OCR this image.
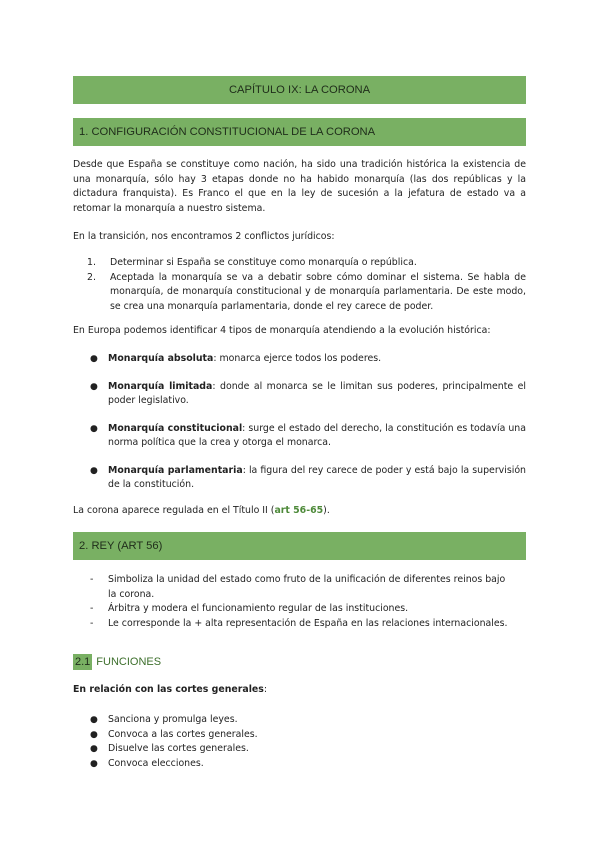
CAPÍTULO IX: LA CORONA
1. CONFIGURACIÓN CONSTITUCIONAL DE LA CORONA

Desde que España se constituye como nación, ha sido una tradición histórica la existencia de una monarquía, sólo hay 3 etapas donde no ha habido monarquía (las dos repúblicas y la dictadura franquista). Es Franco el que en la ley de sucesión a la jefatura de estado va a retomar la monarquía a nuestro sistema.

En la transición, nos encontramos 2 conflictos jurídicos:

1. Determinar si España se constituye como monarquía o república.
2. Aceptada la monarquía se va a debatir sobre cómo dominar el sistema. Se habla de monarquía, de monarquía constitucional y de monarquía parlamentaria. De este modo, se crea una monarquía parlamentaria, donde el rey carece de poder.

En Europa podemos identificar 4 tipos de monarquía atendiendo a la evolución histórica:

● Monarquía absoluta: monarca ejerce todos los poderes.
● Monarquía limitada: donde al monarca se le limitan sus poderes, principalmente el poder legislativo.
● Monarquía constitucional: surge el estado del derecho, la constitución es todavía una norma política que la crea y otorga el monarca.
● Monarquía parlamentaria: la figura del rey carece de poder y está bajo la supervisión de la constitución.

La corona aparece regulada en el Título II (art 56-65).

2. REY (ART 56)
- Simboliza la unidad del estado como fruto de la unificación de diferentes reinos bajo la corona.
- Árbitra y modera el funcionamiento regular de las instituciones.
- Le corresponde la + alta representación de España en las relaciones internacionales.
2.1 FUNCIONES

En relación con las cortes generales:

● Sanciona y promulga leyes.
● Convoca a las cortes generales.
● Disuelve las cortes generales.
● Convoca elecciones.
